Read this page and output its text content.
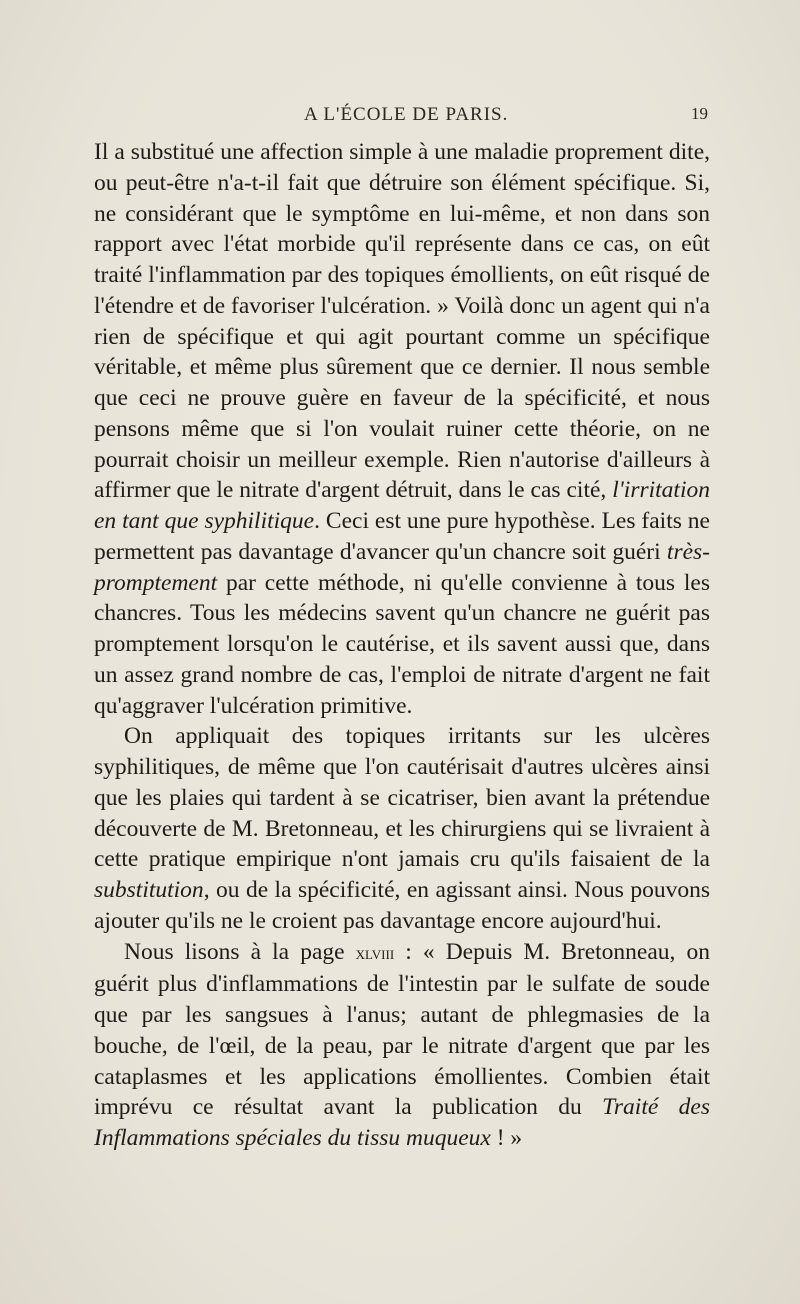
A L'ÉCOLE DE PARIS.	19

Il a substitué une affection simple à une maladie proprement dite, ou peut-être n'a-t-il fait que détruire son élément spécifique. Si, ne considérant que le symptôme en lui-même, et non dans son rapport avec l'état morbide qu'il représente dans ce cas, on eût traité l'inflammation par des topiques émollients, on eût risqué de l'étendre et de favoriser l'ulcération. » Voilà donc un agent qui n'a rien de spécifique et qui agit pourtant comme un spécifique véritable, et même plus sûrement que ce dernier. Il nous semble que ceci ne prouve guère en faveur de la spécificité, et nous pensons même que si l'on voulait ruiner cette théorie, on ne pourrait choisir un meilleur exemple. Rien n'autorise d'ailleurs à affirmer que le nitrate d'argent détruit, dans le cas cité, l'irritation en tant que syphilitique. Ceci est une pure hypothèse. Les faits ne permettent pas davantage d'avancer qu'un chancre soit guéri très-promptement par cette méthode, ni qu'elle convienne à tous les chancres. Tous les médecins savent qu'un chancre ne guérit pas promptement lorsqu'on le cautérise, et ils savent aussi que, dans un assez grand nombre de cas, l'emploi de nitrate d'argent ne fait qu'aggraver l'ulcération primitive.

On appliquait des topiques irritants sur les ulcères syphilitiques, de même que l'on cautérisait d'autres ulcères ainsi que les plaies qui tardent à se cicatriser, bien avant la prétendue découverte de M. Bretonneau, et les chirurgiens qui se livraient à cette pratique empirique n'ont jamais cru qu'ils faisaient de la substitution, ou de la spécificité, en agissant ainsi. Nous pouvons ajouter qu'ils ne le croient pas davantage encore aujourd'hui.

Nous lisons à la page xlviii : « Depuis M. Bretonneau, on guérit plus d'inflammations de l'intestin par le sulfate de soude que par les sangsues à l'anus; autant de phlegmasies de la bouche, de l'œil, de la peau, par le nitrate d'argent que par les cataplasmes et les applications émollientes. Combien était imprévu ce résultat avant la publication du Traité des Inflammations spéciales du tissu muqueux ! »
